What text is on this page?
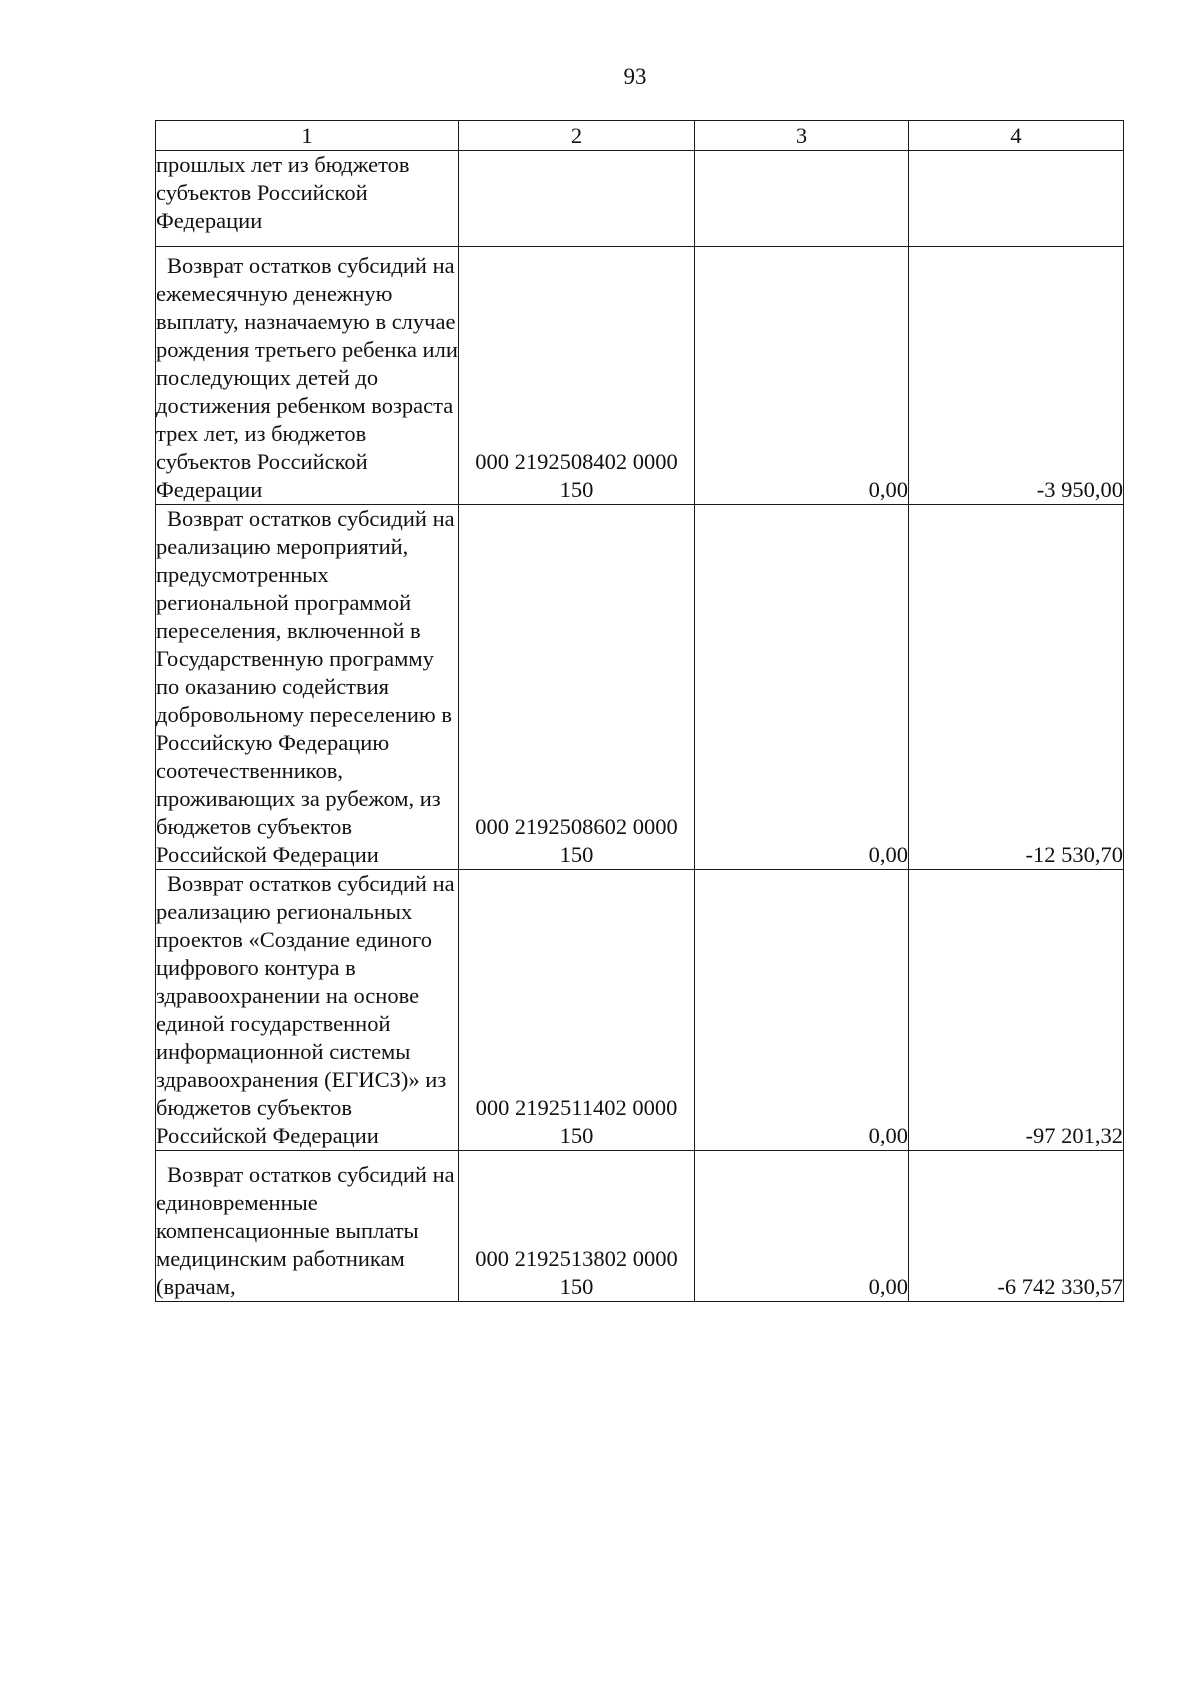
93
1	2	3	4

прошлых лет из бюджетов субъектов Российской Федерации			

Возврат остатков субсидий на ежемесячную денежную выплату, назначаемую в случае рождения третьего ребенка или последующих детей до достижения ребенком возраста трех лет, из бюджетов субъектов Российской Федерации	000 2192508402 0000 150	0,00	-3 950,00

Возврат остатков субсидий на реализацию мероприятий, предусмотренных региональной программой переселения, включенной в Государственную программу по оказанию содействия добровольному переселению в Российскую Федерацию соотечественников, проживающих за рубежом, из бюджетов субъектов Российской Федерации	000 2192508602 0000 150	0,00	-12 530,70

Возврат остатков субсидий на реализацию региональных проектов «Создание единого цифрового контура в здравоохранении на основе единой государственной информационной системы здравоохранения (ЕГИСЗ)» из бюджетов субъектов Российской Федерации	000 2192511402 0000 150	0,00	-97 201,32

Возврат остатков субсидий на единовременные компенсационные выплаты медицинским работникам (врачам,	000 2192513802 0000 150	0,00	-6 742 330,57
